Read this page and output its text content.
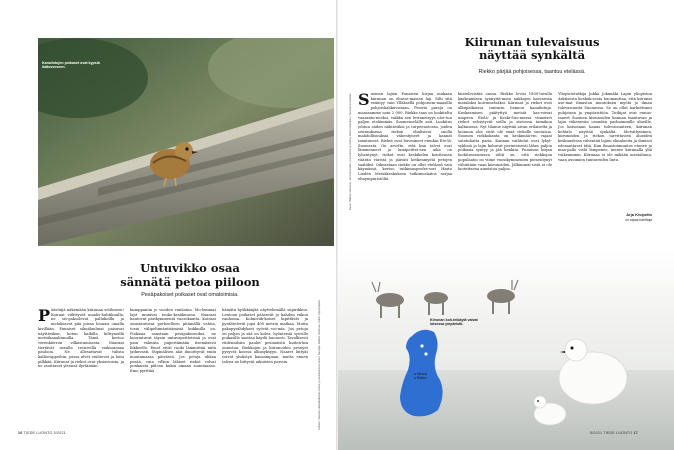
Kanalintujen poikaset ovat kypsiä ikätoveeseen.
Untuvikko osaa
sännätä petoa piiloon
Pesäpakoiset poikaset ovat omatoimisia.
P äästäijä näkemään kiirunan sotilmeen! Koiraat viilittyvät maalis-huhtikuulla, ne sis-gaksolevat pallukoilla ja meluksavat pää joissa lounais omalla kivillään. Punaiset silmälaulmat paisuvat näyttävikisi, koten kaikilla kilttyneillä metsäkanalinnuilla. Tämä kertoo verenkierron vilkastumisesta. Naaraat tiertävät usealla reviireillä vaihtoansaa pauloon. Ne allesattavat tulista kalliorappeihin, joissa alvet viuhtevat ja lumi pilkkää. Kiirunat ja riekot ovat yksiavioisia, ja ne osoittavat yleensä ilyrtänään
kumppaniin jo vuoden vanhoina. Mo-lemmat lajit munivat touko-kesäkuussa. Naaraat hautovat parikymmentä vuorokautta. Koiraat omistautuvat perheelleen pitämällä vahtia, tosin välipeltimänttiämisiä kukkuilla on. Poikasia sanotaan pesäpakoiseiksi, ne kuoriutuvat täysin untuvapeitteisinä ja ovat pian valmiita piipertämään itsenäisesti liikkeelle. Emot eivät ruoki lämmittää niitä jatkuvasti. Stipinälisen alat ilmoittyvät eniin muutamassa päivässä. Jos petoja uhkaa pesää, vain vilkon lähiset riekot volvat ponkaista piiloon kukin omaan suuntaansa. Emo pyrittää
hämätä hyökkääjää näyttelemällä siipirikkoa. Lentoon poikaset pääsevät jo kahden viikon vanhoina. Kolmiviik-koiset kipittävät ja pyrähtelevät jopa 400 metrin matkaa. Mutta pakopyrähdykset syövät voi-mia. Jos petoja on paljon ja sää on kolea, hyönteisiä syöville poikasille saattaa käydä huonosti. Tavallisesti viidennilsiin paulot pesimäistä kuiten-kin onnistua. Riekkojen ja kiirunoiden pesuyet pysyvät koossa alkusyksyyn. Naaret liittyät voivat yhdistyä kausampaan, mutta ennen talvea ne liittyvät aikuisten parviin.	Lähteet: Suomen vaikeakulkuiset metsä- ja tunturiluonnon linnut. Kuvaaja: Markus Varesvuo. Teksti: Arja Kivipelto
16 TIEDE LUONTO 5/2021
Kiirunan tulevaisuus
näyttää synkältä
Riekko pärjää pohjoisessa, taantuu etelässä.
Kuvat: Markus Varesvuo, Jari Peltomäki / Luontokuva ry. Kartta: Hannu Huhtamo / Suomen Lintuatlas. S uomen lajien Punaisen kirjan mukaan kiirunan on elinvoi-maisen laji. Silti sitä esiintyy vain Ylläksellä pohjoisem-maasilla pohjoiskahkuvistaan. Pesiviä pareja on maassamme noin 2 000. Riekko taas on luokiteltu vaarantu-neeksi, vaikka sen levinneisyys ulot-tuu paljon etelämmäs. Suomenselälle asti. Luokitus johtuu siiden nähtäväksi ja turpeenotossa, joiden seurauksena riekon elinlisissä suolla mahdollisuuksia vähentyneet ja kannat taantuneet. Riekot ovat huvenneet etenkin Ete-lä-Suomesta. On arveltu, että kun talvet ovat lämmenneet ja lumipeittei-nen aika on lyhentynyt, riekot ovat keskikelen kontteassa väärän väristä ja jääväti hetkenmyötä petojen saaliiksi. Oikeastaan riekko on ollut etelässä vain käymässä, kertoo tutkimusprofes-sori Harto Lindén Metsäkeskuksen tutkimuslaitos sarjaa elinympäristöltä
kiistelevistää oussa. Riekko levisi 1800-luvulla kaskeamisen synnyttä-mien aukkojen kasvaessa matalaksi koivumetsäksi. Kiirunat ja riekot ovat alkupaikoissa tunturin heimon kanalintuja. Kaskeamisen päätyttyä metsät kas-voivat umpeen. Etelä- ja Keski-Suo-messa viimeiset riekot selviytyvät soilla ja siistossa taimikon kaltaisissa. Nyt tilanne näyttää aivan erilaiselta ja luonnon olot eivät ole enää riekolle suotuisia. Suomen riekkokanta on keskimää-rin vajaat satatuhatta paria. Kannan vaihtelut ovat lyhyt-syklisiä ja lajin kohuvat perinteisesti lähes paljon poikasia syntyy ja jää henkiin. Punaisen kirjan luokitusseuraava tähti on, että riekkojen populaatio on viime vuosikymmenten pienentynyt vähintään vaan kiirunoiden. Jälkimmäi-sistä ei ole luotettavaa aineistoa paljon.
Yliopistotutkija Jukka Jokimäki Lapin yliopiston Arktisesta keskuk-sesta huomauttaa, että kiirunat ase-mat ilmaston muutoksen myötä jo ilman tulevaisuutta Suomessa. Se on ollut karkottunut pohjoisen ja ympäristöön. Tutkijat ovat ennus-taneet Suomen kiirunoiden kannan taantuvan ja lajin vähenevän osuuden parhaimmille alueille. Jos katsotaan kauas tulevaisuuteen, kiirunan kohtalo näyttää synkältä. Metsittyminen, kiirunoiden ja riekon tarvittavien alueiden keskuudessa vähentää lajien elinalueita ja ihmiset edesauttavat tätä. Kun ilmastonmuutos etenee ja maa-pallo vielä lämpenee, menee kiirunalla yhä vaikeammin. Kiirunaa ei ole mikään mestalinnu, vaan avoimien tuntureiden lintu.
Arja Kivipelto
on vapaa toimittaja
Kiirunan koh-teikäytä valvat loisessa ympäristö.
● Kiiruna
● Riekko
5/2021 TIEDE LUONTO 17
